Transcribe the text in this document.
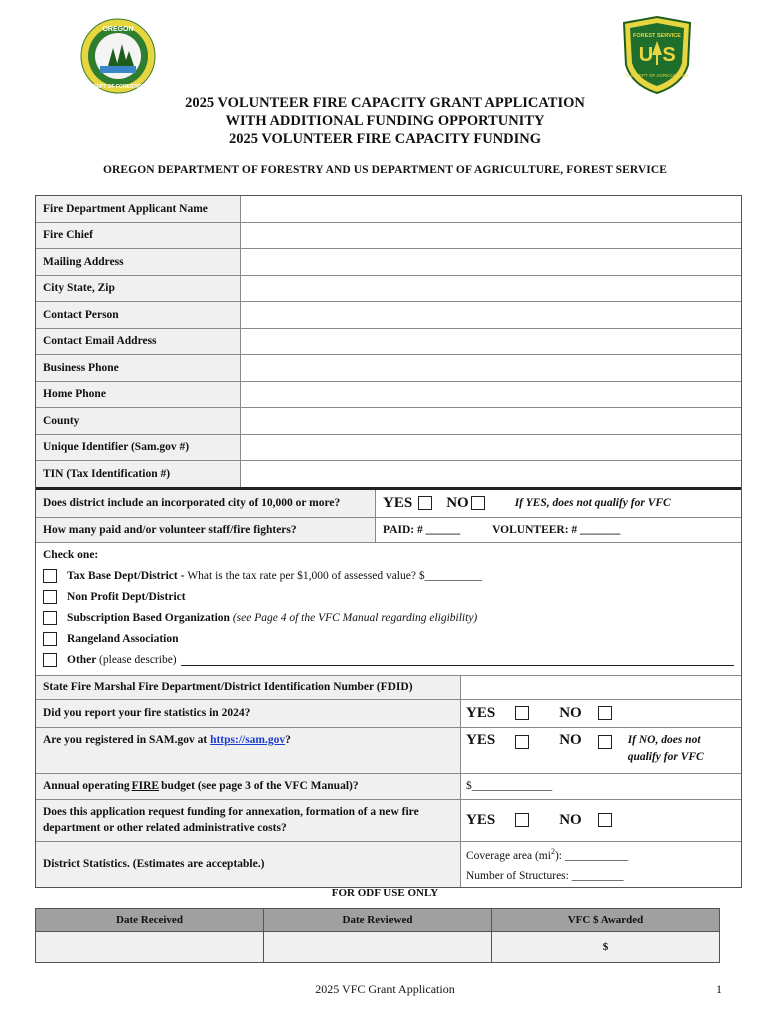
OREGON
DEPT OF FORESTRY
FOREST SERVICE
U S
U.S. DEPT OF AGRICULTURE
2025 VOLUNTEER FIRE CAPACITY GRANT APPLICATION
WITH ADDITIONAL FUNDING OPPORTUNITY
2025 VOLUNTEER FIRE CAPACITY FUNDING
OREGON DEPARTMENT OF FORESTRY AND US DEPARTMENT OF AGRICULTURE, FOREST SERVICE
Fire Department Applicant Name
Fire Chief
Mailing Address
City State, Zip
Contact Person
Contact Email Address
Business Phone
Home Phone
County
Unique Identifier (Sam.gov #)
TIN (Tax Identification #)
Does district include an incorporated city of 10,000 or more?	YES NO	If YES, does not qualify for VFC
How many paid and/or volunteer staff/fire fighters?	PAID: # ______	VOLUNTEER: # _______
Check one:
Tax Base Dept/District - What is the tax rate per $1,000 of assessed value? $__________
Non Profit Dept/District
Subscription Based Organization (see Page 4 of the VFC Manual regarding eligibility)
Rangeland Association
Other (please describe)
State Fire Marshal Fire Department/District Identification Number (FDID)
Did you report your fire statistics in 2024?	YES	NO
Are you registered in SAM.gov at
https://sam.gov ?	YES	NO	If NO, does not qualify for VFC
Annual operating FIRE budget (see page 3 of the VFC Manual)?	$______________
Does this application request funding for annexation, formation of a new fire department or other related administrative costs?
YES	NO
District Statistics. (Estimates are acceptable.)
Coverage area $(mi^2)$: ___________
Number of Structures: _________
FOR ODF USE ONLY
Date Received	Date Reviewed	VFC $ Awarded
		$
2025 VFC Grant Application	1
